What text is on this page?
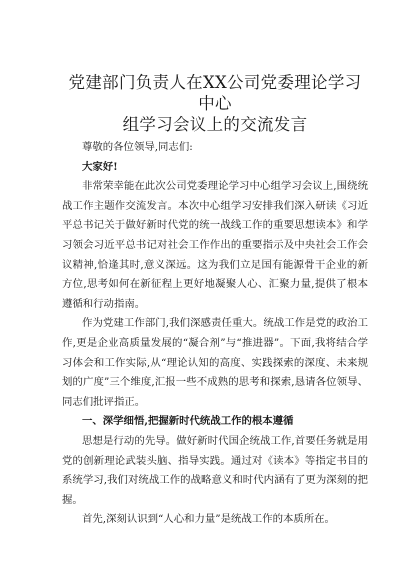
党建部门负责人在XX公司党委理论学习中心
组学习会议上的交流发言

尊敬的各位领导,同志们:

大家好!

非常荣幸能在此次公司党委理论学习中心组学习会议上,围绕统战工作主题作交流发言。本次中心组学习安排我们深入研读《习近平总书记关于做好新时代党的统一战线工作的重要思想读本》和学习领会习近平总书记对社会工作作出的重要指示及中央社会工作会议精神,恰逢其时,意义深远。这为我们立足国有能源骨干企业的新方位,思考如何在新征程上更好地凝聚人心、汇聚力量,提供了根本遵循和行动指南。

作为党建工作部门,我们深感责任重大。统战工作是党的政治工作,更是企业高质量发展的“凝合剂”与“推进器”。下面,我将结合学习体会和工作实际,从“理论认知的高度、实践探索的深度、未来规划的广度”三个维度,汇报一些不成熟的思考和探索,恳请各位领导、同志们批评指正。

一、深学细悟,把握新时代统战工作的根本遵循

思想是行动的先导。做好新时代国企统战工作,首要任务就是用党的创新理论武装头脑、指导实践。通过对《读本》等指定书目的系统学习,我们对统战工作的战略意义和时代内涵有了更为深刻的把握。

首先,深刻认识到“人心和力量”是统战工作的本质所在。
